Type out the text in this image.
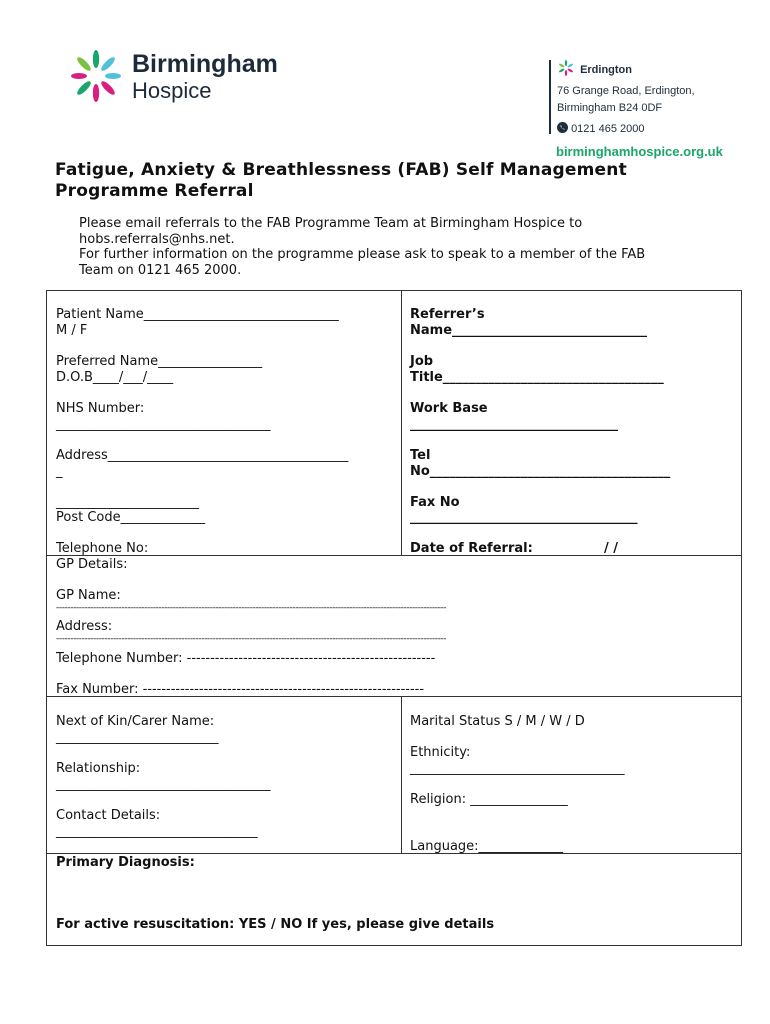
Birmingham
Hospice
Erdington
76 Grange Road, Erdington,
Birmingham B24 0DF
0121 465 2000
birminghamhospice.org.uk
Fatigue, Anxiety & Breathlessness (FAB) Self Management Programme Referral
Please email referrals to the FAB Programme Team at Birmingham Hospice to
hobs.referrals@nhs.net.
For further information on the programme please ask to speak to a member of the FAB
Team on 0121 465 2000.
Patient Name______________________________
M / F
Preferred Name________________
D.O.B____/___/____
NHS Number:
_________________________________
Address_____________________________________
_
______________________
Post Code_____________
Telephone No:
Referrer’s
Name______________________________
Job
Title__________________________________
Work Base
________________________________
Tel
No_____________________________________
Fax No
___________________________________
Date of Referral:	/ /
GP Details:
GP Name:
-----------------------------------------------------------------------------------------------------------------------------------------
Address:
-----------------------------------------------------------------------------------------------------------------------------------------
Telephone Number: -----------------------------------------------------
Fax Number: ------------------------------------------------------------
Next of Kin/Carer Name:
_________________________
Relationship:
_________________________________
Contact Details:
_______________________________
Marital Status S / M / W / D
Ethnicity:
_________________________________
Religion: _______________
Language:_____________
Primary Diagnosis:
For active resuscitation: YES / NO If yes, please give details
